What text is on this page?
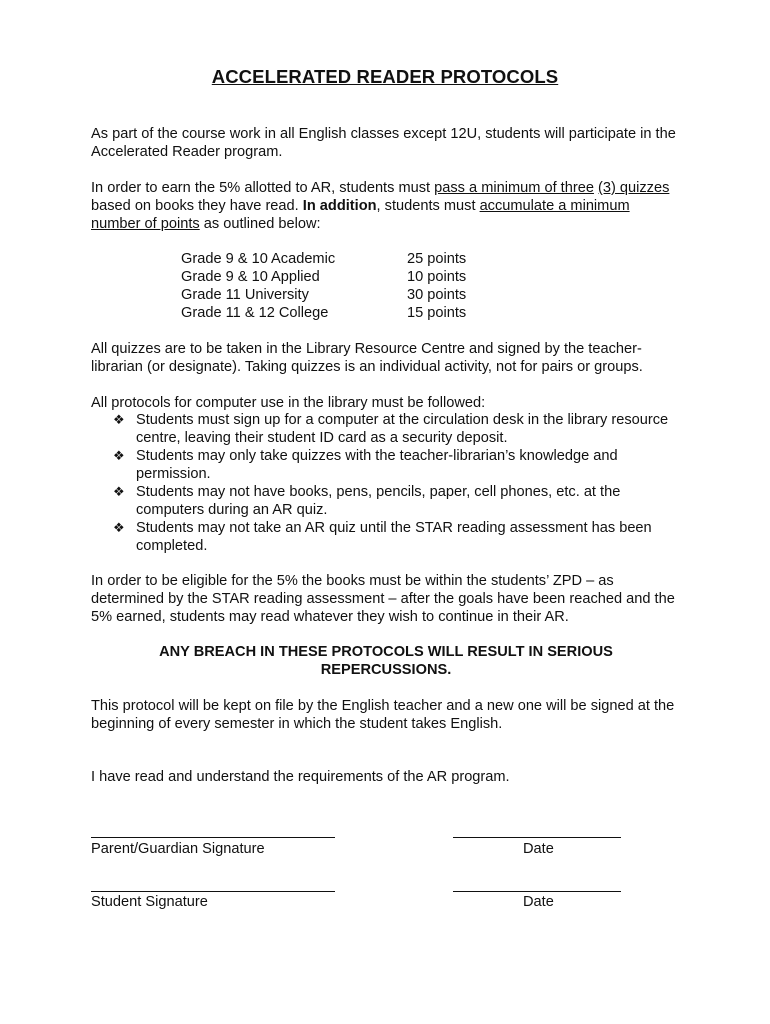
ACCELERATED READER PROTOCOLS

As part of the course work in all English classes except 12U, students will participate in the Accelerated Reader program.

In order to earn the 5% allotted to AR, students must pass a minimum of three (3) quizzes based on books they have read. In addition, students must accumulate a minimum number of points as outlined below:

Grade 9 & 10 Academic	25 points
Grade 9 & 10 Applied	10 points
Grade 11 University	30 points
Grade 11 & 12 College	15 points

All quizzes are to be taken in the Library Resource Centre and signed by the teacher-librarian (or designate). Taking quizzes is an individual activity, not for pairs or groups.

All protocols for computer use in the library must be followed:

❖ Students must sign up for a computer at the circulation desk in the library resource centre, leaving their student ID card as a security deposit.
❖ Students may only take quizzes with the teacher-librarian’s knowledge and permission.
❖ Students may not have books, pens, pencils, paper, cell phones, etc. at the computers during an AR quiz.
❖ Students may not take an AR quiz until the STAR reading assessment has been completed.

In order to be eligible for the 5% the books must be within the students’ ZPD – as determined by the STAR reading assessment – after the goals have been reached and the 5% earned, students may read whatever they wish to continue in their AR.

ANY BREACH IN THESE PROTOCOLS WILL RESULT IN SERIOUS REPERCUSSIONS.

This protocol will be kept on file by the English teacher and a new one will be signed at the beginning of every semester in which the student takes English.

I have read and understand the requirements of the AR program.

Parent/Guardian Signature	Date

Student Signature	Date
